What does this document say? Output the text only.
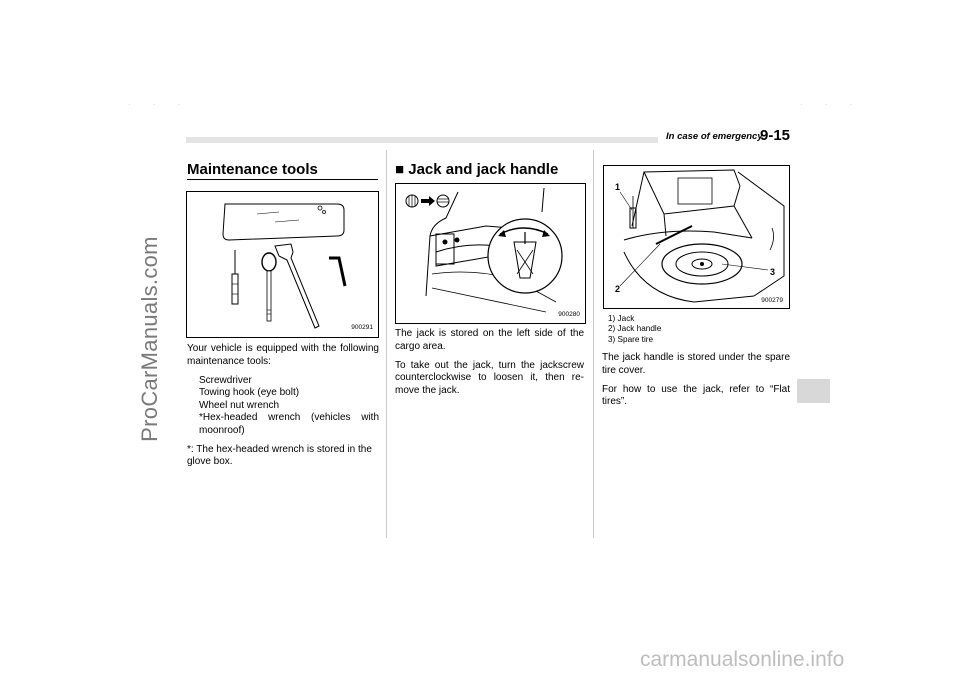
ProCarManuals.com
carmanualsonline.info
· · ·	· · ·
In case of emergency
9-15
Maintenance tools
900291

Your vehicle is equipped with the following maintenance tools:

Screwdriver
Towing hook (eye bolt)
Wheel nut wrench
*Hex-headed wrench (vehicles with moonroof)

*: The hex-headed wrench is stored in the glove box.

■ Jack and jack handle
900280

The jack is stored on the left side of the cargo area.

To take out the jack, turn the jackscrew counterclockwise to loosen it, then re-move the jack.

1
2
3
900279
1) Jack
2) Jack handle
3) Spare tire

The jack handle is stored under the spare tire cover.

For how to use the jack, refer to “Flat tires”.
